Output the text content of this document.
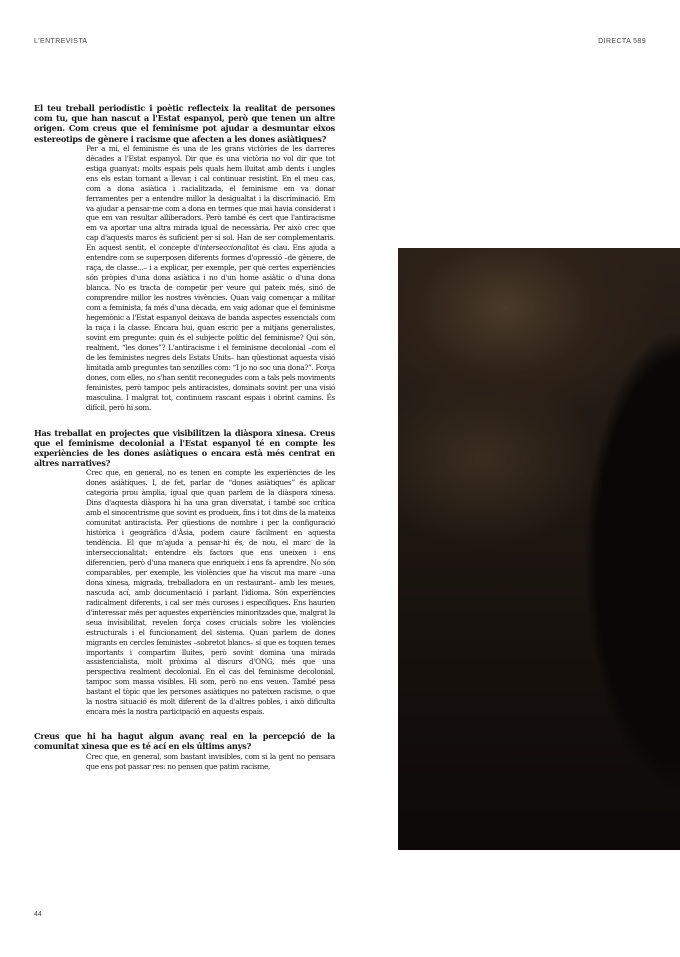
L'ENTREVISTA	DIRECTA 589

El teu treball periodístic i poètic reflecteix la realitat de persones com tu, que han nascut a l'Estat espanyol, però que tenen un altre origen. Com creus que el feminisme pot ajudar a desmuntar eixos estereotips de gènere i racisme que afecten a les dones asiàtiques?

Per a mi, el feminisme és una de les grans victòries de les darreres dècades a l'Estat espanyol. Dir que és una victòria no vol dir que tot estiga guanyat: molts espais pels quals hem lluitat amb dents i ungles ens els estan tornant a llevar, i cal continuar resistint. En el meu cas, com a dona asiàtica i racialitzada, el feminisme em va donar ferramentes per a entendre millor la desigualtat i la discriminació. Em va ajudar a pensar-me com a dona en termes que mai havia considerat i que em van resultar alliberadors. Però també és cert que l'antiracisme em va aportar una altra mirada igual de necessària. Per això crec que cap d'aquests marcs és suficient per si sol. Han de ser complementaris. En aquest sentit, el concepte d'interseccionalitat és clau. Ens ajuda a entendre com se superposen diferents formes d'opressió –de gènere, de raça, de classe...– i a explicar, per exemple, per què certes experiències són pròpies d'una dona asiàtica i no d'un home asiàtic o d'una dona blanca. No es tracta de competir per veure qui pateix més, sinó de comprendre millor les nostres vivències. Quan vaig començar a militar com a feminista, fa més d'una dècada, em vaig adonar que el feminisme hegemònic a l'Estat espanyol deixava de banda aspectes essencials com la raça i la classe. Encara hui, quan escric per a mitjans generalistes, sovint em pregunte: quin és el subjecte polític del feminisme? Qui són, realment, “les dones”? L'antiracisme i el feminisme decolonial –com el de les feministes negres dels Estats Units– han qüestionat aquesta visió limitada amb preguntes tan senzilles com: “I jo no soc una dona?”. Força dones, com elles, no s'han sentit reconegudes com a tals pels moviments feministes, però tampoc pels antiracistes, dominats sovint per una visió masculina. I malgrat tot, continuem rascant espais i obrint camins. És difícil, però hi som.

Has treballat en projectes que visibilitzen la diàspora xinesa. Creus que el feminisme decolonial a l'Estat espanyol té en compte les experiències de les dones asiàtiques o encara està més centrat en altres narratives?

Crec que, en general, no es tenen en compte les experiències de les dones asiàtiques. I, de fet, parlar de “dones asiàtiques” és aplicar categoria prou àmplia, igual que quan parlem de la diàspora xinesa. Dins d'aquesta diàspora hi ha una gran diversitat, i també soc crítica amb el sinocentrisme que sovint es produeix, fins i tot dins de la mateixa comunitat antiracista. Per qüestions de nombre i per la configuració històrica i geogràfica d'Àsia, podem caure fàcilment en aquesta tendència. El que m'ajuda a pensar-hi és, de nou, el marc de la interseccionalitat: entendre els factors que ens uneixen i ens diferencien, però d'una manera que enriqueix i ens fa aprendre. No són comparables, per exemple, les violències que ha viscut ma mare –una dona xinesa, migrada, treballadora en un restaurant– amb les meues, nascuda ací, amb documentació i parlant l'idioma. Són experiències radicalment diferents, i cal ser més curoses i específiques. Ens haurien d'interessar més per aquestes experiències minoritzades que, malgrat la seua invisibilitat, revelen força coses crucials sobre les violències estructurals i el funcionament del sistema. Quan parlem de dones migrants en cercles feministes –sobretot blancs– sí que es toquen temes importants i compartim lluites, però sovint domina una mirada assistencialista, molt pròxima al discurs d'ONG, més que una perspectiva realment decolonial. En el cas del feminisme decolonial, tampoc som massa visibles. Hi som, però no ens veuen. També pesa bastant el tòpic que les persones asiàtiques no pateixen racisme, o que la nostra situació és molt diferent de la d'altres pobles, i això dificulta encara més la nostra participació en aquests espais.

Creus que hi ha hagut algun avanç real en la percepció de la comunitat xinesa que es té ací en els últims anys?

Crec que, en general, som bastant invisibles, com si la gent no pensara que ens pot passar res: no pensen que patim racisme,

44
